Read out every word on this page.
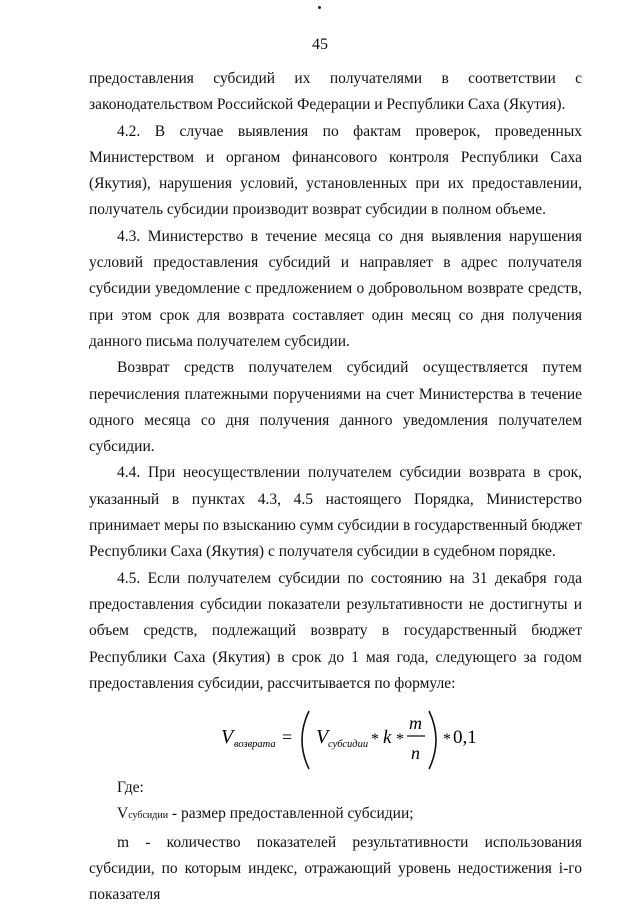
45

предоставления субсидий их получателями в соответствии с законодательством Российской Федерации и Республики Саха (Якутия).

4.2. В случае выявления по фактам проверок, проведенных Министерством и органом финансового контроля Республики Саха (Якутия), нарушения условий, установленных при их предоставлении, получатель субсидии производит возврат субсидии в полном объеме.

4.3. Министерство в течение месяца со дня выявления нарушения условий предоставления субсидий и направляет в адрес получателя субсидии уведомление с предложением о добровольном возврате средств, при этом срок для возврата составляет один месяц со дня получения данного письма получателем субсидии.

Возврат средств получателем субсидий осуществляется путем перечисления платежными поручениями на счет Министерства в течение одного месяца со дня получения данного уведомления получателем субсидии.

4.4. При неосуществлении получателем субсидии возврата в срок, указанный в пунктах 4.3, 4.5 настоящего Порядка, Министерство принимает меры по взысканию сумм субсидии в государственный бюджет Республики Саха (Якутия) с получателя субсидии в судебном порядке.

4.5. Если получателем субсидии по состоянию на 31 декабря года предоставления субсидии показатели результативности не достигнуты и объем средств, подлежащий возврату в государственный бюджет Республики Саха (Якутия) в срок до 1 мая года, следующего за годом предоставления субсидии, рассчитывается по формуле:

V возврата = V субсидии * k *
m
n
* 0,1

Где:

Vсубсидии - размер предоставленной субсидии;

m - количество показателей результативности использования субсидии, по которым индекс, отражающий уровень недостижения i-го показателя
